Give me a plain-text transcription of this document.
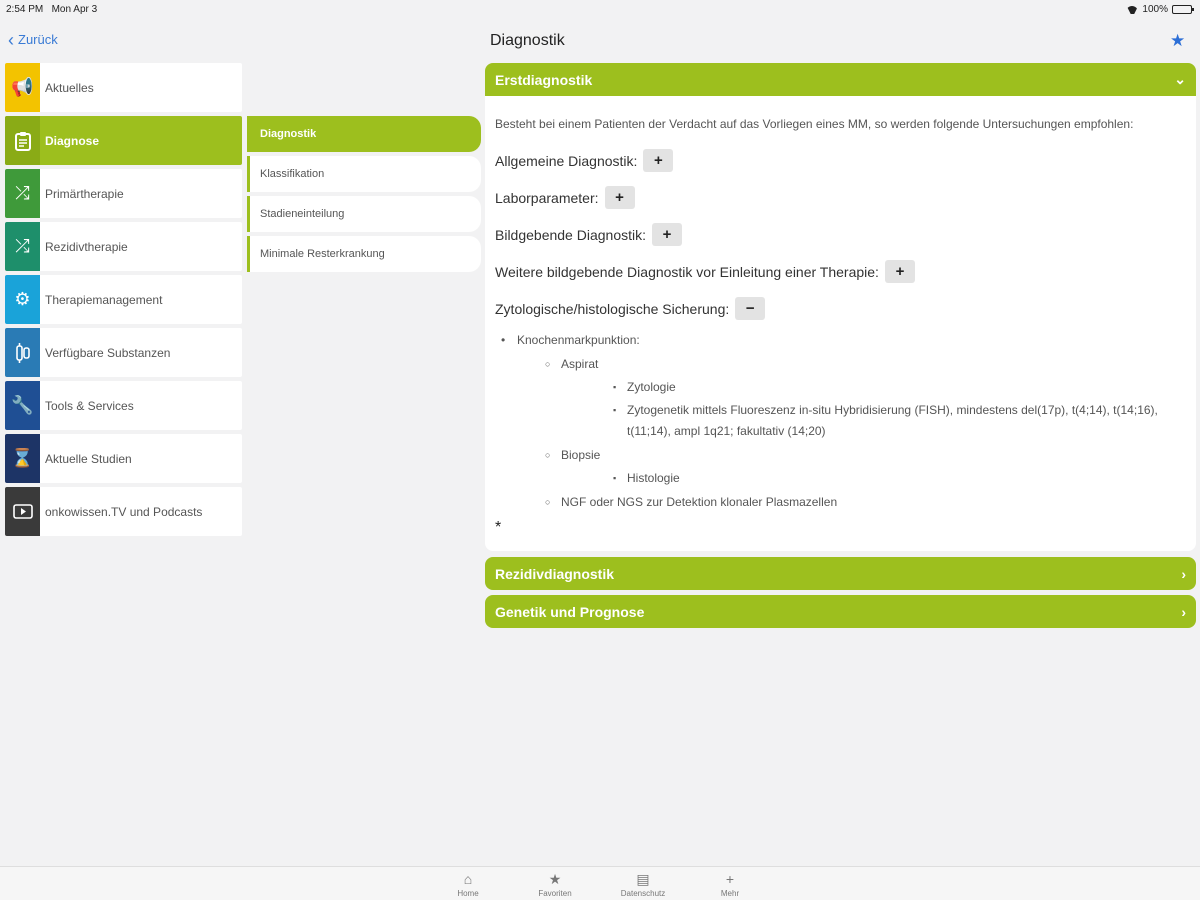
2:54 PM Mon Apr 3	100%
‹ Zurück
📢 Aktuelles
Diagnose
⤮	Primärtherapie
⤮	Rezidivtherapie
⚙	Therapiemanagement
Verfügbare Substanzen
🔧 Tools & Services
⌛ Aktuelle Studien
onkowissen.TV und Podcasts
Diagnostik
Klassifikation
Stadieneinteilung
Minimale Resterkrankung
Diagnostik	★
Erstdiagnostik	⌄

Besteht bei einem Patienten der Verdacht auf das Vorliegen eines MM, so werden folgende Untersuchungen empfohlen:

Allgemeine Diagnostik:	+
Laborparameter:	+
Bildgebende Diagnostik:	+
Weitere bildgebende Diagnostik vor Einleitung einer Therapie:	+
Zytologische/histologische Sicherung:	−
• Knochenmarkpunktion:
○ Aspirat
▪ Zytologie
▪ Zytogenetik mittels Fluoreszenz in-situ Hybridisierung (FISH), mindestens del(17p), t(4;14), t(14;16), t(11;14), ampl 1q21; fakultativ (14;20)
○ Biopsie
▪ Histologie
○ NGF oder NGS zur Detektion klonaler Plasmazellen
*
Rezidivdiagnostik	›
Genetik und Prognose	›
⌂
Home
★
Favoriten
▤
Datenschutz
+
Mehr
